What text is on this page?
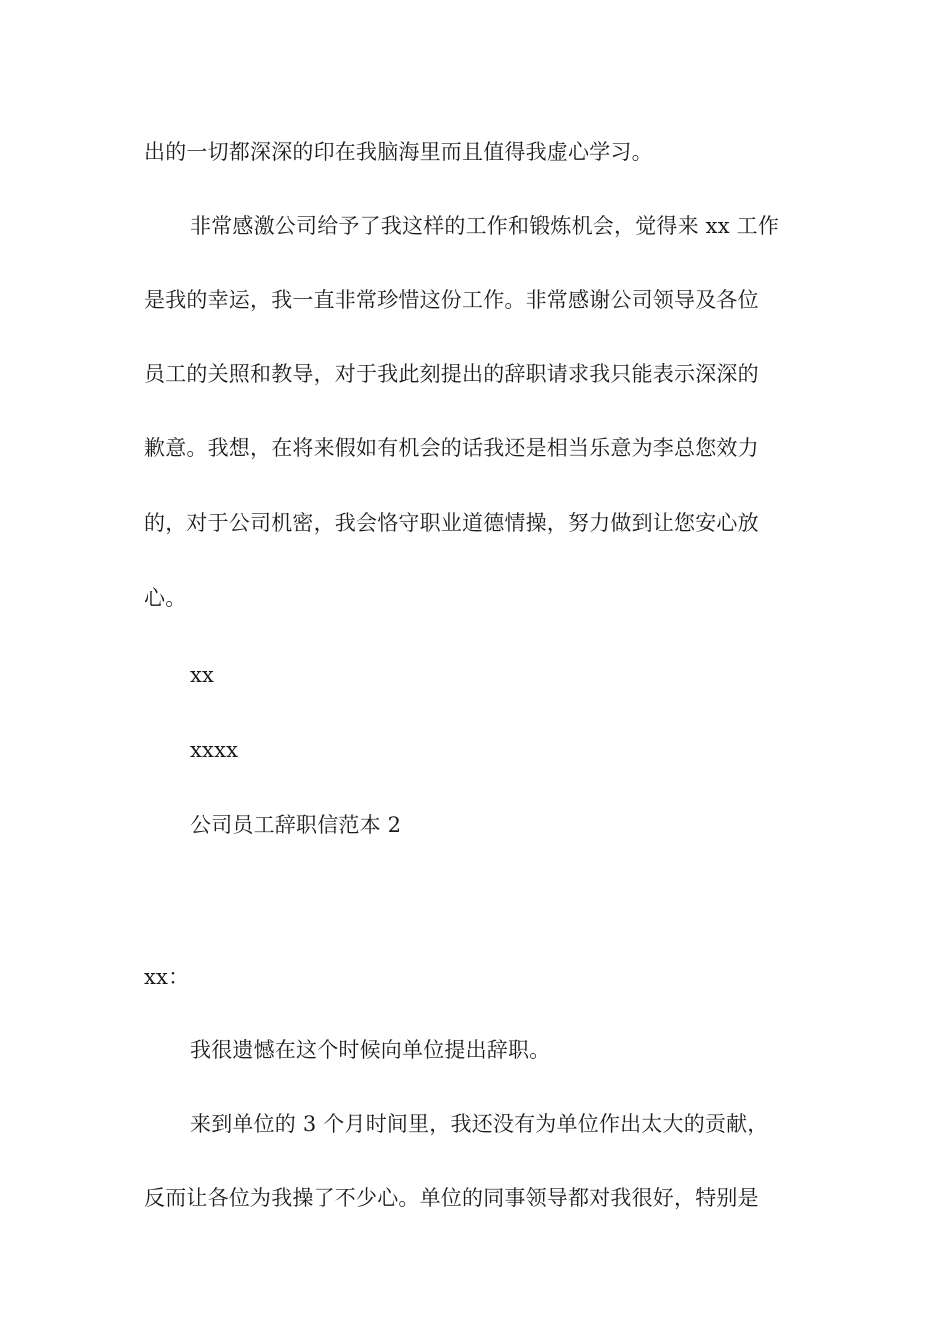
出的一切都深深的印在我脑海里而且值得我虚心学习。
非常感激公司给予了我这样的工作和锻炼机会，觉得来 xx 工作
是我的幸运，我一直非常珍惜这份工作。非常感谢公司领导及各位
员工的关照和教导，对于我此刻提出的辞职请求我只能表示深深的
歉意。我想，在将来假如有机会的话我还是相当乐意为李总您效力
的，对于公司机密，我会恪守职业道德情操，努力做到让您安心放
心。
xx
xxxx
公司员工辞职信范本 2
xx：
我很遗憾在这个时候向单位提出辞职。
来到单位的 3 个月时间里，我还没有为单位作出太大的贡献，
反而让各位为我操了不少心。单位的同事领导都对我很好，特别是
